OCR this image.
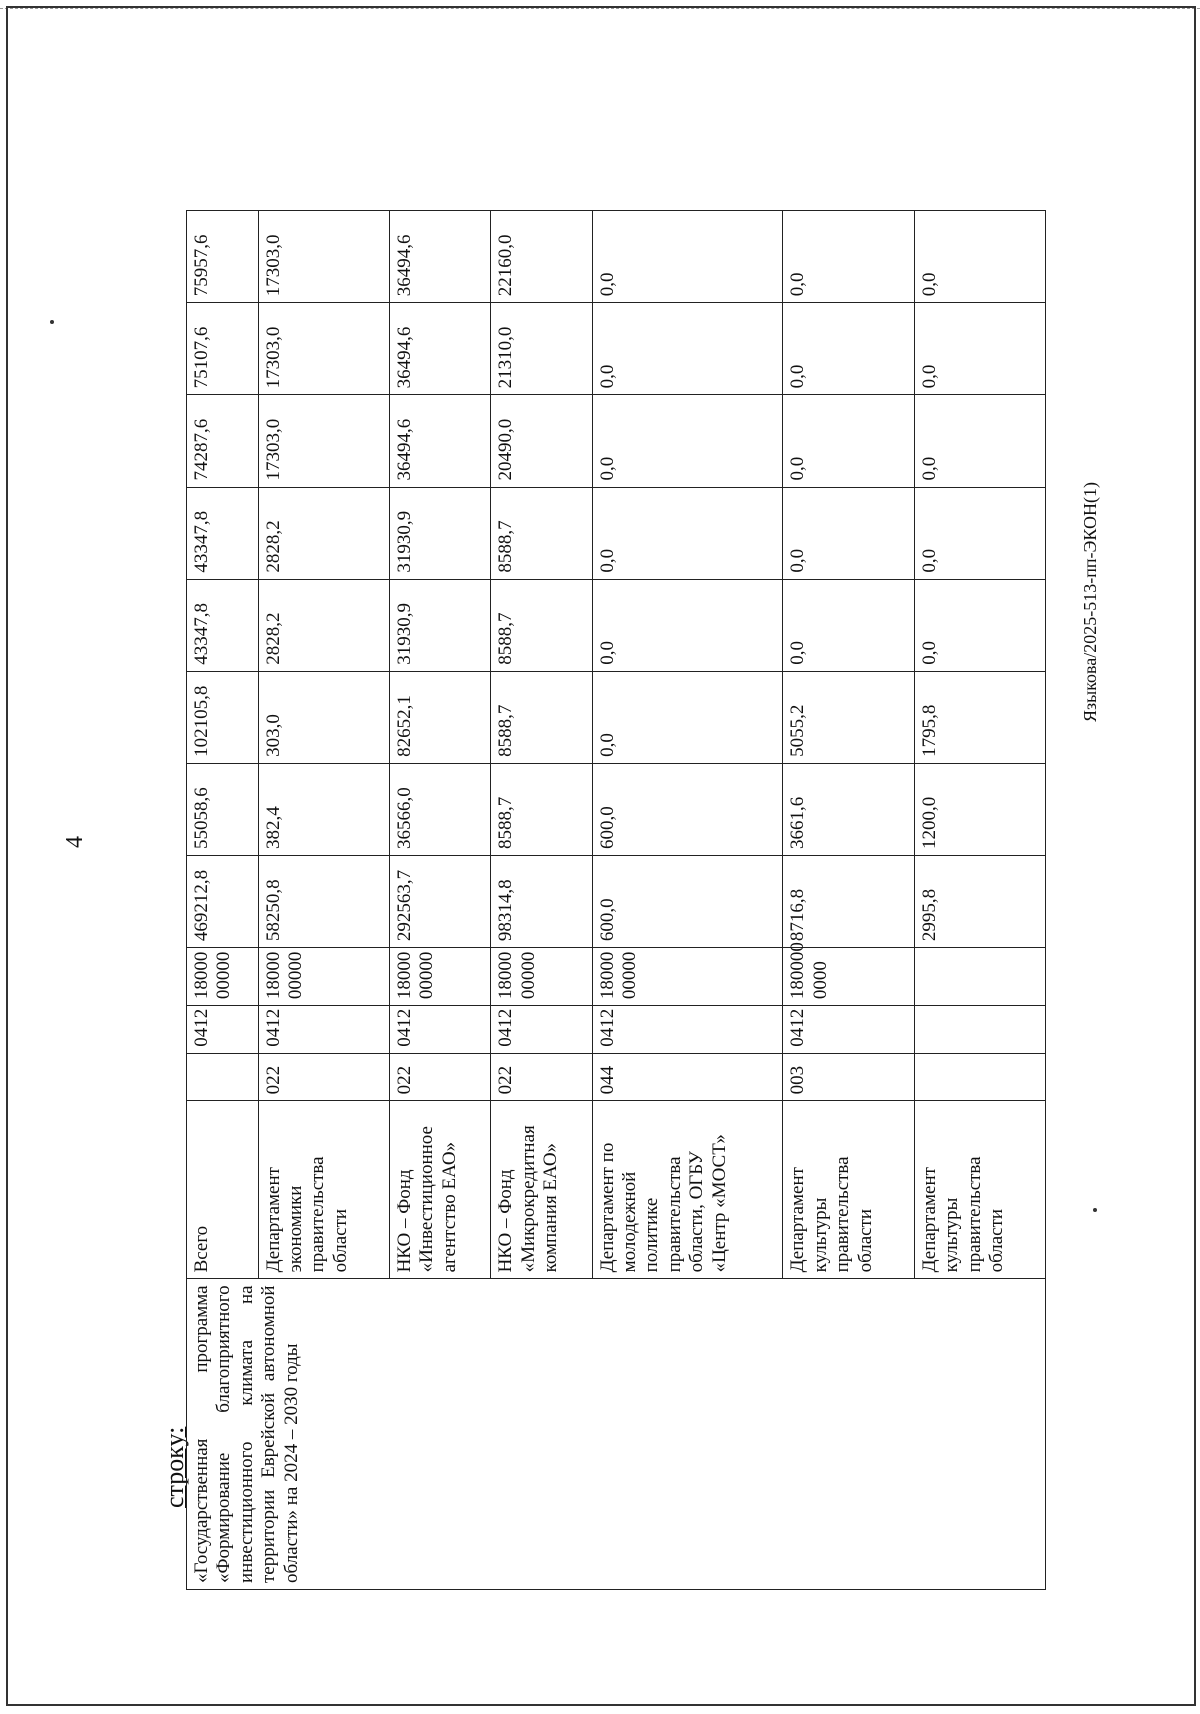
4
Языкова/2025-513-пп-ЭКОН(1)
строку: «Государственная программа «Формирование благоприятного инвестиционного климата на территории Еврейской автономной области» на 2024 – 2030 годы	Всего		0412	18000 00000	469212,8	55058,6	102105,8	43347,8	43347,8	74287,6	75107,6	75957,6
	Департамент экономики правительства области	022	0412	18000 00000	58250,8	382,4	303,0	2828,2	2828,2	17303,0	17303,0	17303,0
	НКО – Фонд «Инвестиционное агентство ЕАО»	022	0412	18000 00000	292563,7	36566,0	82652,1	31930,9	31930,9	36494,6	36494,6	36494,6
	НКО – Фонд «Микрокредитная компания ЕАО»	022	0412	18000 00000	98314,8	8588,7	8588,7	8588,7	8588,7	20490,0	21310,0	22160,0
	Департамент по молодежной политике правительства области, ОГБУ «Центр «МОСТ»	044	0412	18000 00000	600,0	600,0	0,0	0,0	0,0	0,0	0,0	0,0
	Департамент культуры правительства области	003	0412	180000 0000	8716,8	3661,6	5055,2	0,0	0,0	0,0	0,0	0,0
	Департамент культуры правительства области				2995,8	1200,0	1795,8	0,0	0,0	0,0	0,0	0,0
